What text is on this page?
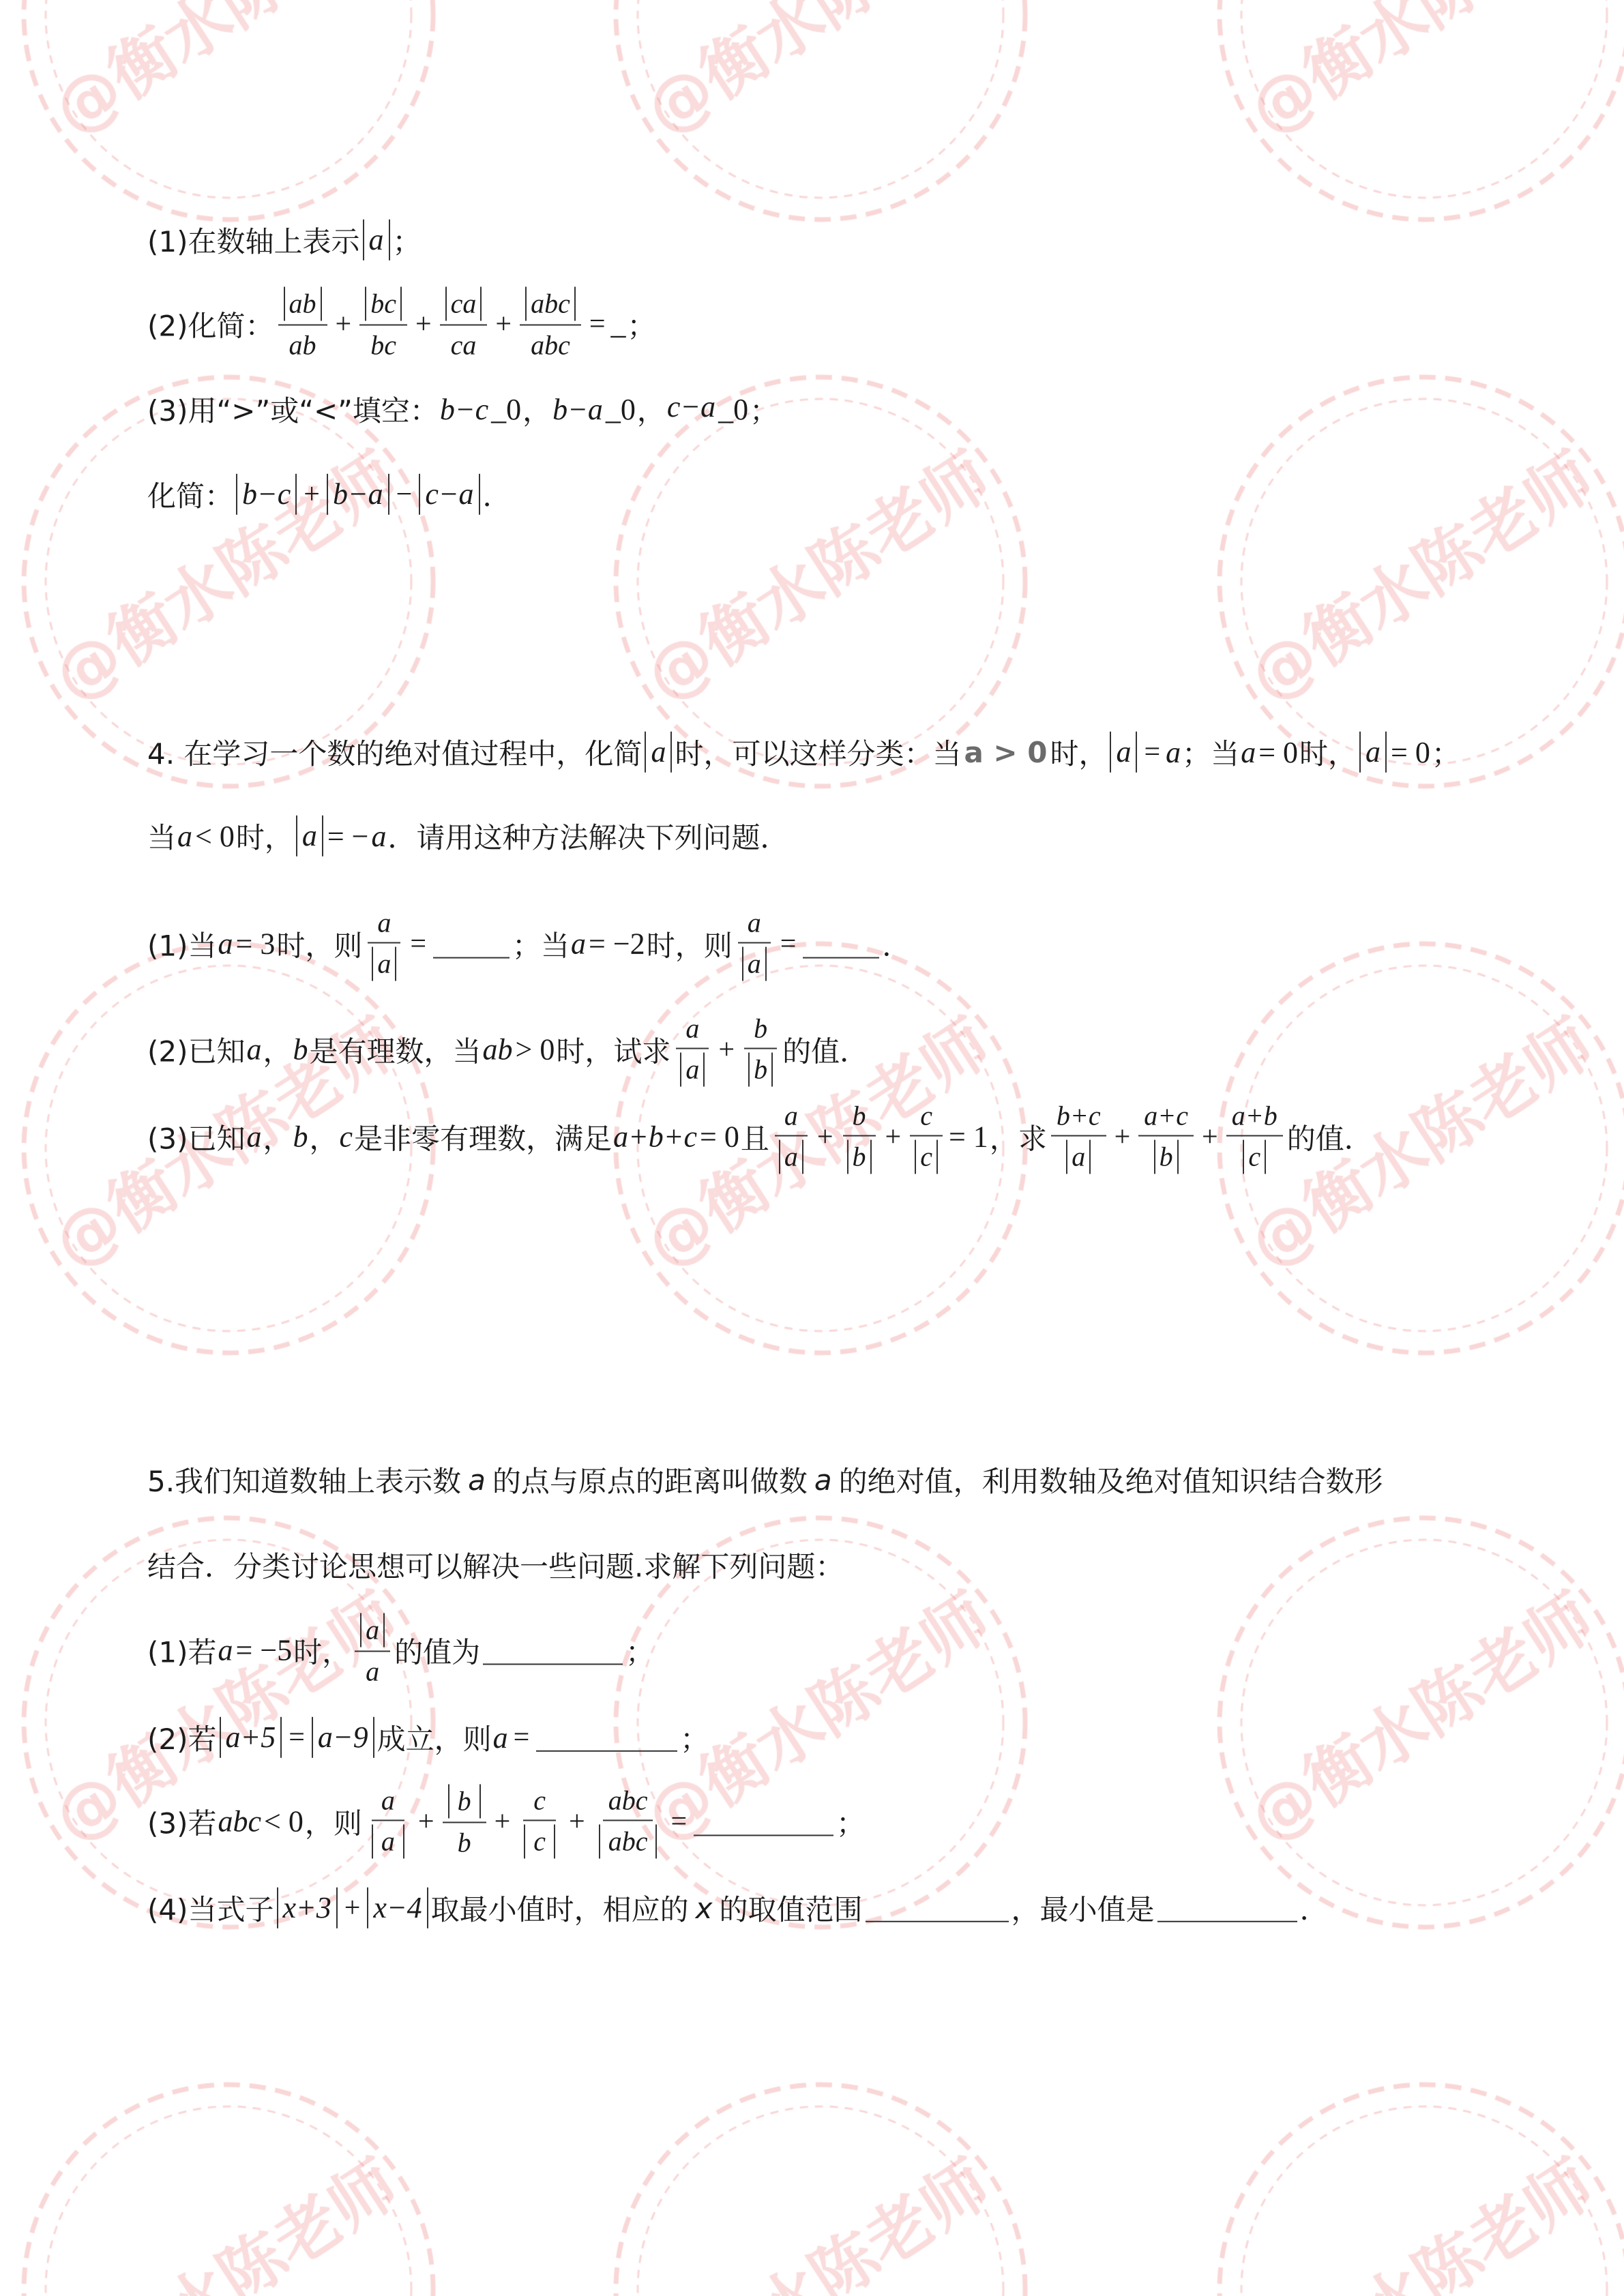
(1)在数轴上表示 a ；
(2)化简： $\frac{ab}{ab} + \frac{bc}{bc} + \frac{ca}{ca} + \frac{\text{abc}}{\text{abc}}$ = _ ；
(3)用“>”或“<”填空： b−c _0 ， b−a _0 ， c−a _0 ；
化简： b−c + b−a − c−a ．
4. 在学习一个数的绝对值过程中，化简 a 时，可以这样分类：当 a > 0 时， a = a ；当 a = 0 时， a = 0 ；
当 a < 0 时， a = − a ．请用这种方法解决下列问题．
(1)当 a = 3 时，则 $\frac{a}{a}$ =	；当 a = −2 时，则 $\frac{a}{a}$ =	．
(2)已知 a ， b 是有理数，当 ab > 0 时，试求 $\frac{a}{a} + \frac{b}{b}$ 的值．
(3)已知 a ， b ， c 是非零有理数，满足 a+b+c = 0 且 $\frac{a}{a} + \frac{b}{b} + \frac{c}{c} = 1$ ，求 $\frac{b+c}{a} + \frac{a+c}{b} + \frac{a+b}{c}$ 的值．
5.我们知道数轴上表示数 a 的点与原点的距离叫做数 a 的绝对值，利用数轴及绝对值知识结合数形
结合．分类讨论思想可以解决一些问题.求解下列问题：
(1)若 a = −5 时， $\frac{a}{a}$ 的值为	；
(2)若 a+5 = a−9 成立，则 a =	；
(3)若 abc < 0 ，则 $\frac{a}{a} + \frac{b}{b} + \frac{c}{c} + \frac{\text{abc}}{\text{abc}}$ =	；
(4)当式子 x+3 + x−4 取最小值时，相应的 x 的取值范围	，最小值是	．
